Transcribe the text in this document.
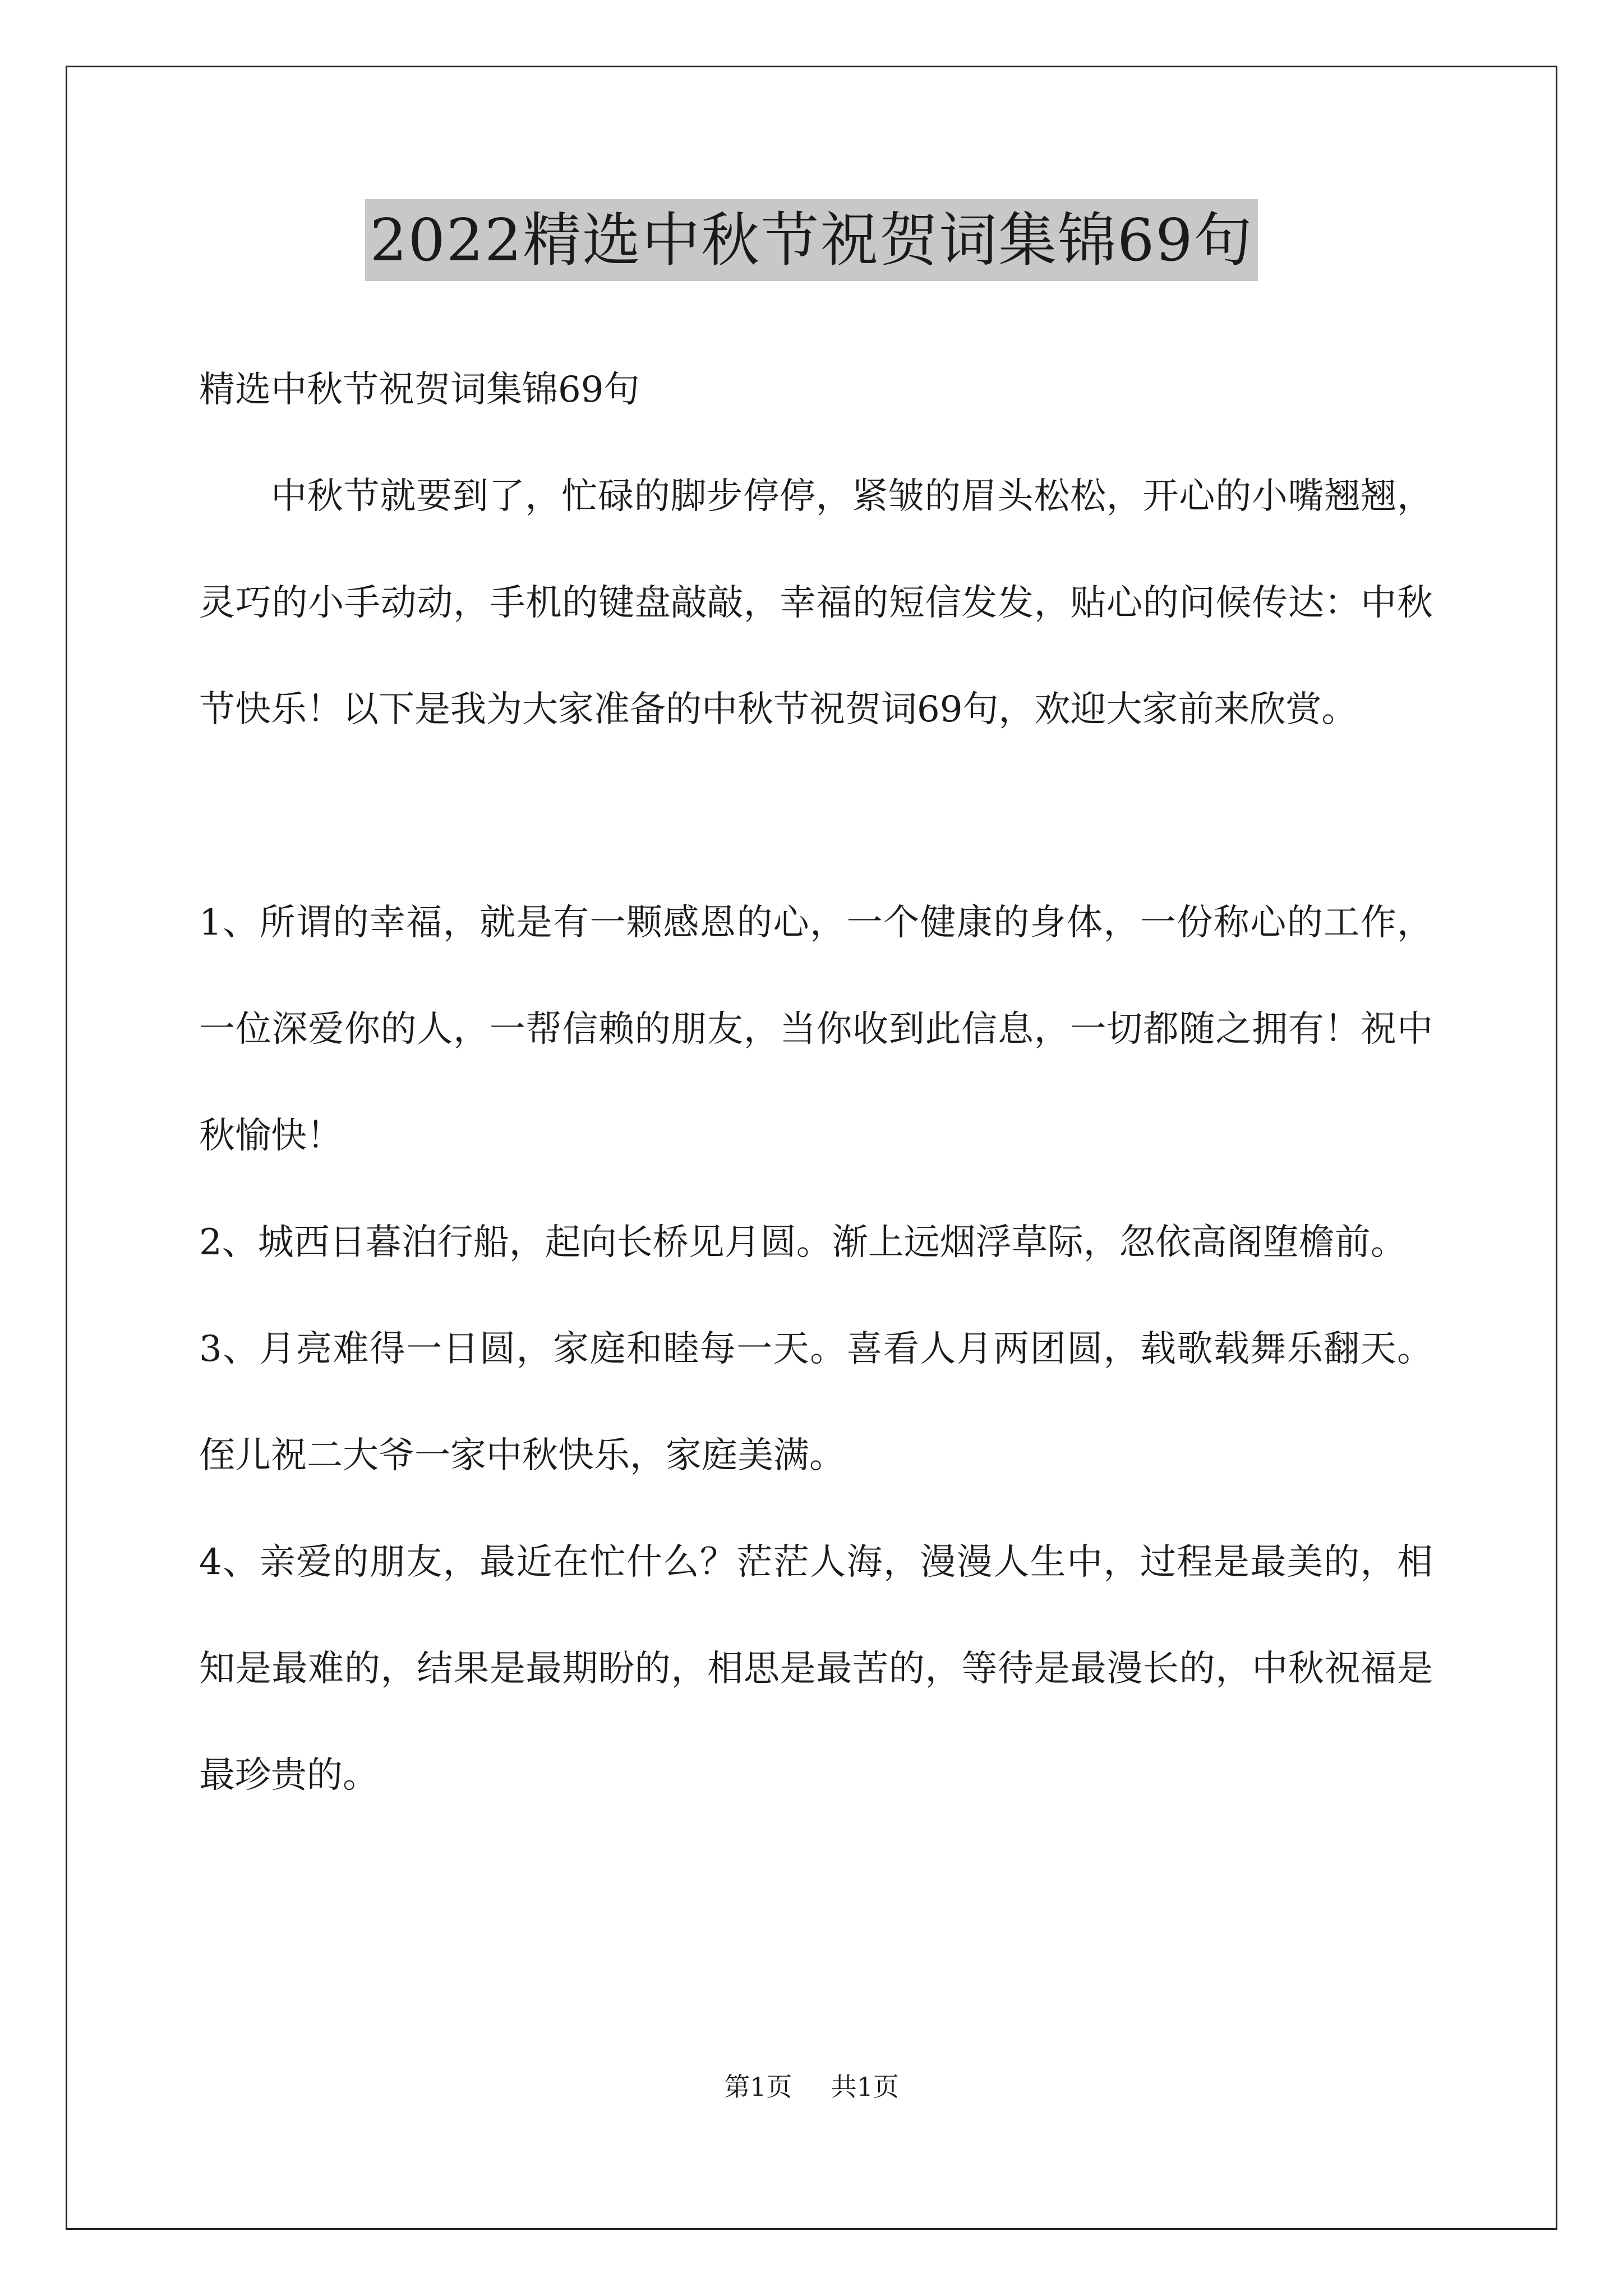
2022精选中秋节祝贺词集锦69句

精选中秋节祝贺词集锦69句

中秋节就要到了，忙碌的脚步停停，紧皱的眉头松松，开心的小嘴翘翘，灵巧的小手动动，手机的键盘敲敲，幸福的短信发发，贴心的问候传达：中秋节快乐！以下是我为大家准备的中秋节祝贺词69句，欢迎大家前来欣赏。

1、所谓的幸福，就是有一颗感恩的心，一个健康的身体，一份称心的工作，一位深爱你的人，一帮信赖的朋友，当你收到此信息，一切都随之拥有！祝中秋愉快！

2、城西日暮泊行船，起向长桥见月圆。渐上远烟浮草际，忽依高阁堕檐前。

3、月亮难得一日圆，家庭和睦每一天。喜看人月两团圆，载歌载舞乐翻天。侄儿祝二大爷一家中秋快乐，家庭美满。

4、亲爱的朋友，最近在忙什么？茫茫人海，漫漫人生中，过程是最美的，相知是最难的，结果是最期盼的，相思是最苦的，等待是最漫长的，中秋祝福是最珍贵的。

第1页 共1页
